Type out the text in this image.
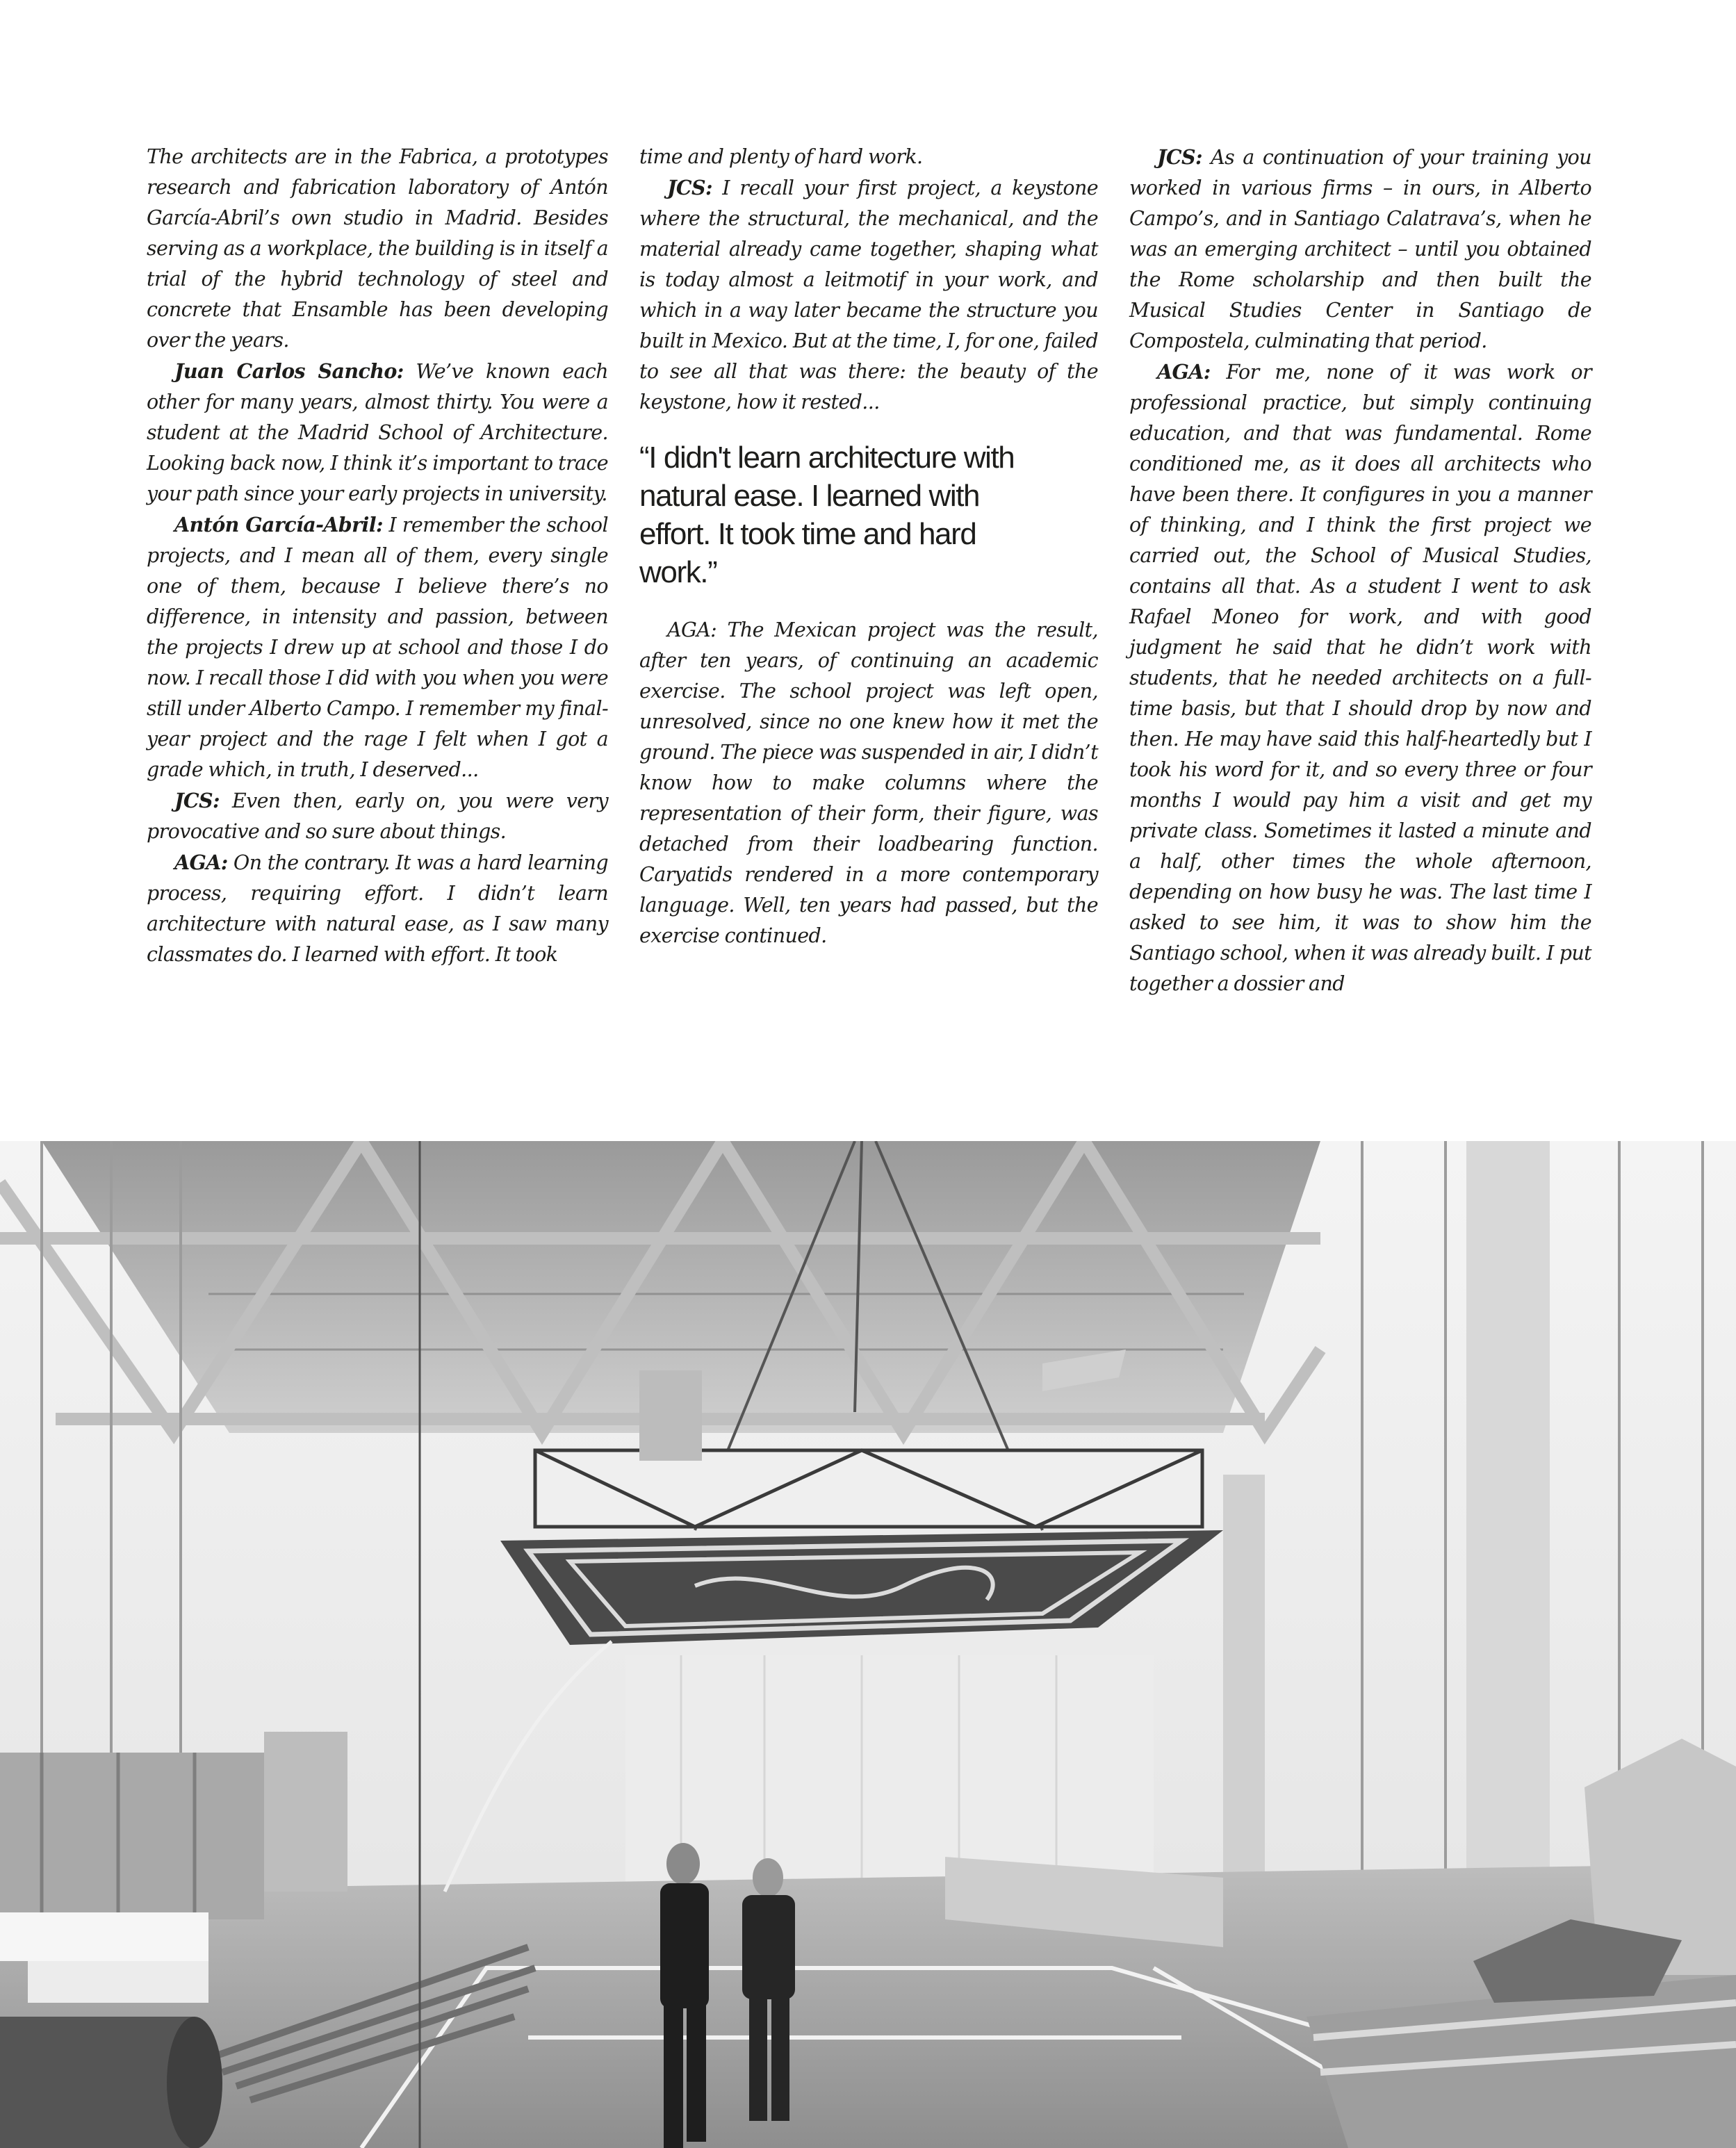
The architects are in the Fabrica, a prototypes research and fabrication laboratory of Antón García-Abril’s own studio in Madrid. Besides serving as a workplace, the building is in itself a trial of the hybrid technology of steel and concrete that Ensamble has been developing over the years.

Juan Carlos Sancho: We’ve known each other for many years, almost thirty. You were a student at the Madrid School of Architecture. Looking back now, I think it’s important to trace your path since your early projects in university.

Antón García-Abril: I remember the school projects, and I mean all of them, every single one of them, because I believe there’s no difference, in intensity and passion, between the projects I drew up at school and those I do now. I recall those I did with you when you were still under Alberto Campo. I remember my final-year project and the rage I felt when I got a grade which, in truth, I deserved...

JCS: Even then, early on, you were very provocative and so sure about things.

AGA: On the contrary. It was a hard learning process, requiring effort. I didn’t learn architecture with natural ease, as I saw many classmates do. I learned with effort. It took

time and plenty of hard work.

JCS: I recall your first project, a keystone where the structural, the mechanical, and the material already came together, shaping what is today almost a leitmotif in your work, and which in a way later became the structure you built in Mexico. But at the time, I, for one, failed to see all that was there: the beauty of the keystone, how it rested...

“I didn't learn architecture with natural ease. I learned with effort. It took time and hard work.”

AGA: The Mexican project was the result, after ten years, of continuing an academic exercise. The school project was left open, unresolved, since no one knew how it met the ground. The piece was suspended in air, I didn’t know how to make columns where the representation of their form, their figure, was detached from their loadbearing function. Caryatids rendered in a more contemporary language. Well, ten years had passed, but the exercise continued.

JCS: As a continuation of your training you worked in various firms – in ours, in Alberto Campo’s, and in Santiago Calatrava’s, when he was an emerging architect – until you obtained the Rome scholarship and then built the Musical Studies Center in Santiago de Compostela, culminating that period.

AGA: For me, none of it was work or professional practice, but simply continuing education, and that was fundamental. Rome conditioned me, as it does all architects who have been there. It configures in you a manner of thinking, and I think the first project we carried out, the School of Musical Studies, contains all that. As a student I went to ask Rafael Moneo for work, and with good judgment he said that he didn’t work with students, that he needed architects on a full-time basis, but that I should drop by now and then. He may have said this half-heartedly but I took his word for it, and so every three or four months I would pay him a visit and get my private class. Sometimes it lasted a minute and a half, other times the whole afternoon, depending on how busy he was. The last time I asked to see him, it was to show him the Santiago school, when it was already built. I put together a dossier and
